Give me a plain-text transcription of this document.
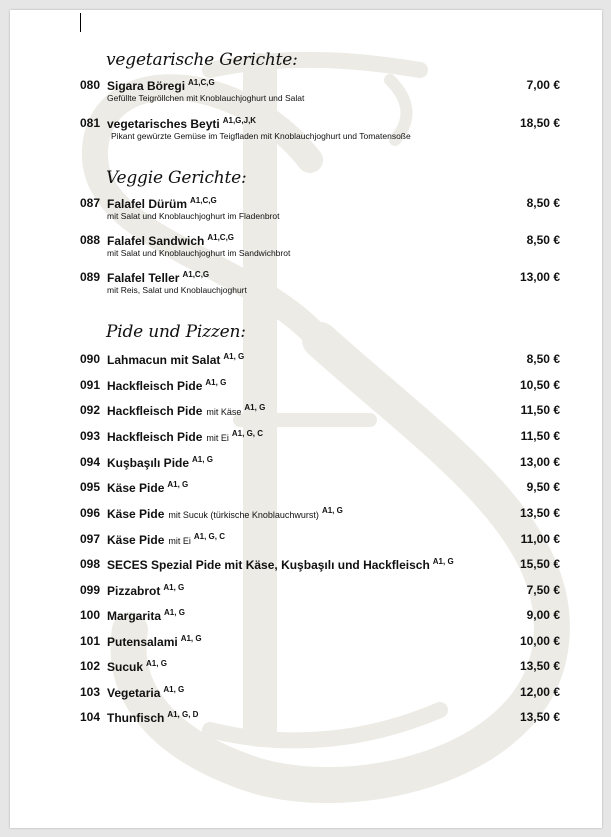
vegetarische Gerichte:
080 Sigara Böregi $^{A1,C,G}$	7,00 €
Gefüllte Teigröllchen mit Knoblauchjoghurt und Salat
081 vegetarisches Beyti $^{A1,G,J,K}$	18,50 €
Pikant gewürzte Gemüse im Teigfladen mit Knoblauchjoghurt und Tomatensoße
Veggie Gerichte:
087 Falafel Dürüm $^{A1,C,G}$	8,50 €
mit Salat und Knoblauchjoghurt im Fladenbrot
088 Falafel Sandwich $^{A1,C,G}$	8,50 €
mit Salat und Knoblauchjoghurt im Sandwichbrot
089 Falafel Teller $^{A1,C,G}$	13,00 €
mit Reis, Salat und Knoblauchjoghurt
Pide und Pizzen:
090 Lahmacun mit Salat $^{A1, G}$	8,50 €
091 Hackfleisch Pide $^{A1, G}$	10,50 €
092 Hackfleisch Pide mit Käse $^{A1, G}$	11,50 €
093 Hackfleisch Pide mit Ei $^{A1, G, C}$	11,50 €
094 Kuşbaşılı Pide $^{A1, G}$	13,00 €
095 Käse Pide $^{A1, G}$	9,50 €
096 Käse Pide mit Sucuk (türkische Knoblauchwurst) $^{A1, G}$	13,50 €
097 Käse Pide mit Ei $^{A1, G, C}$	11,00 €
098 SECES Spezial Pide mit Käse, Kuşbaşılı und Hackfleisch $^{A1, G}$	15,50 €
099 Pizzabrot $^{A1, G}$	7,50 €
100 Margarita $^{A1, G}$	9,00 €
101 Putensalami $^{A1, G}$	10,00 €
102 Sucuk $^{A1, G}$	13,50 €
103 Vegetaria $^{A1, G}$	12,00 €
104 Thunfisch $^{A1, G, D}$	13,50 €
